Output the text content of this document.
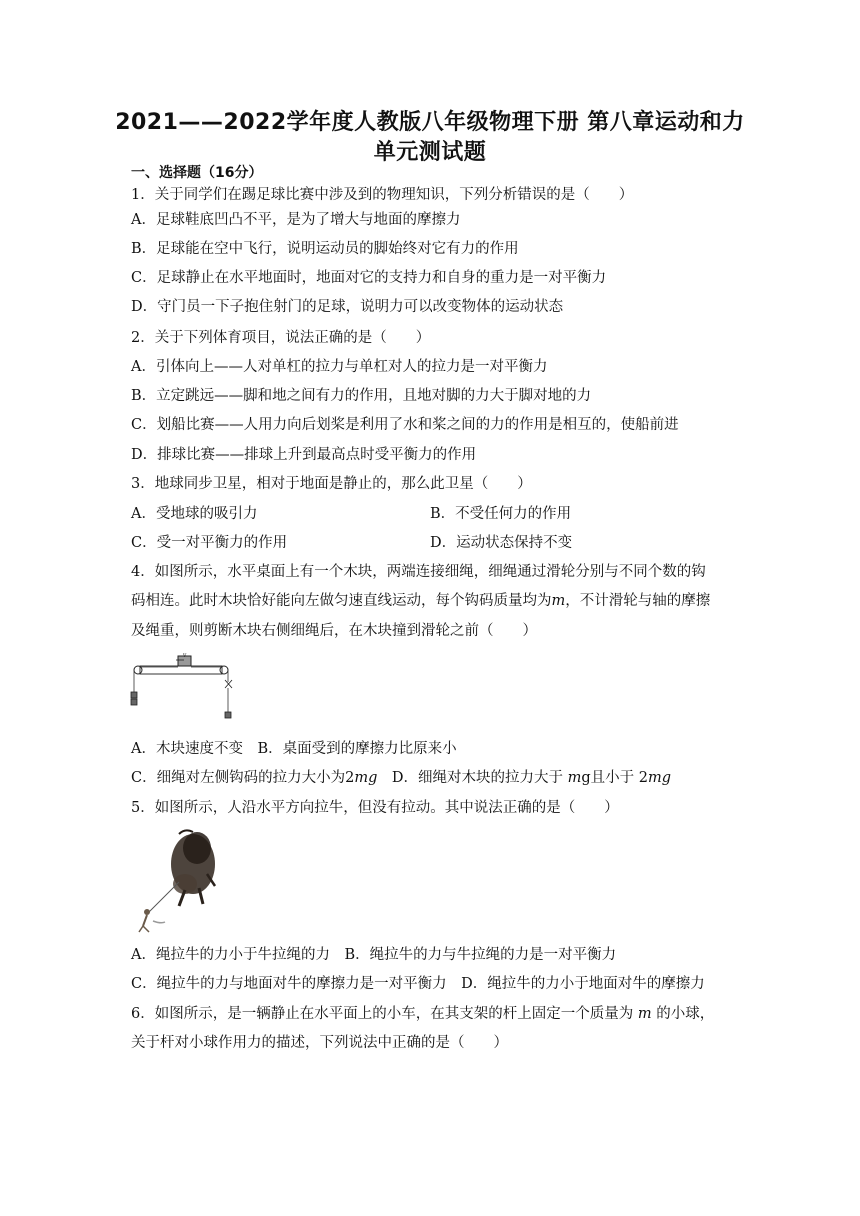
2021——2022学年度人教版八年级物理下册 第八章运动和力
单元测试题
一、选择题（16分）
1．关于同学们在踢足球比赛中涉及到的物理知识，下列分析错误的是（　　）
A．足球鞋底凹凸不平，是为了增大与地面的摩擦力
B．足球能在空中飞行，说明运动员的脚始终对它有力的作用
C．足球静止在水平地面时，地面对它的支持力和自身的重力是一对平衡力
D．守门员一下子抱住射门的足球，说明力可以改变物体的运动状态
2．关于下列体育项目，说法正确的是（　　）
A．引体向上——人对单杠的拉力与单杠对人的拉力是一对平衡力
B．立定跳远——脚和地之间有力的作用，且地对脚的力大于脚对地的力
C．划船比赛——人用力向后划桨是利用了水和桨之间的力的作用是相互的，使船前进
D．排球比赛——排球上升到最高点时受平衡力的作用
3．地球同步卫星，相对于地面是静止的，那么此卫星（　　）
A．受地球的吸引力	B．不受任何力的作用
C．受一对平衡力的作用	D．运动状态保持不变
4．如图所示，水平桌面上有一个木块，两端连接细绳，细绳通过滑轮分别与不同个数的钩
码相连。此时木块恰好能向左做匀速直线运动，每个钩码质量均为m，不计滑轮与轴的摩擦
及绳重，则剪断木块右侧细绳后，在木块撞到滑轮之前（　　）
v
A．木块速度不变　B．桌面受到的摩擦力比原来小
C．细绳对左侧钩码的拉力大小为2mg　D．细绳对木块的拉力大于 mg且小于 2mg
5．如图所示，人沿水平方向拉牛，但没有拉动。其中说法正确的是（　　）
A．绳拉牛的力小于牛拉绳的力　B．绳拉牛的力与牛拉绳的力是一对平衡力
C．绳拉牛的力与地面对牛的摩擦力是一对平衡力　D．绳拉牛的力小于地面对牛的摩擦力
6．如图所示，是一辆静止在水平面上的小车，在其支架的杆上固定一个质量为 m 的小球，
关于杆对小球作用力的描述，下列说法中正确的是（　　）
